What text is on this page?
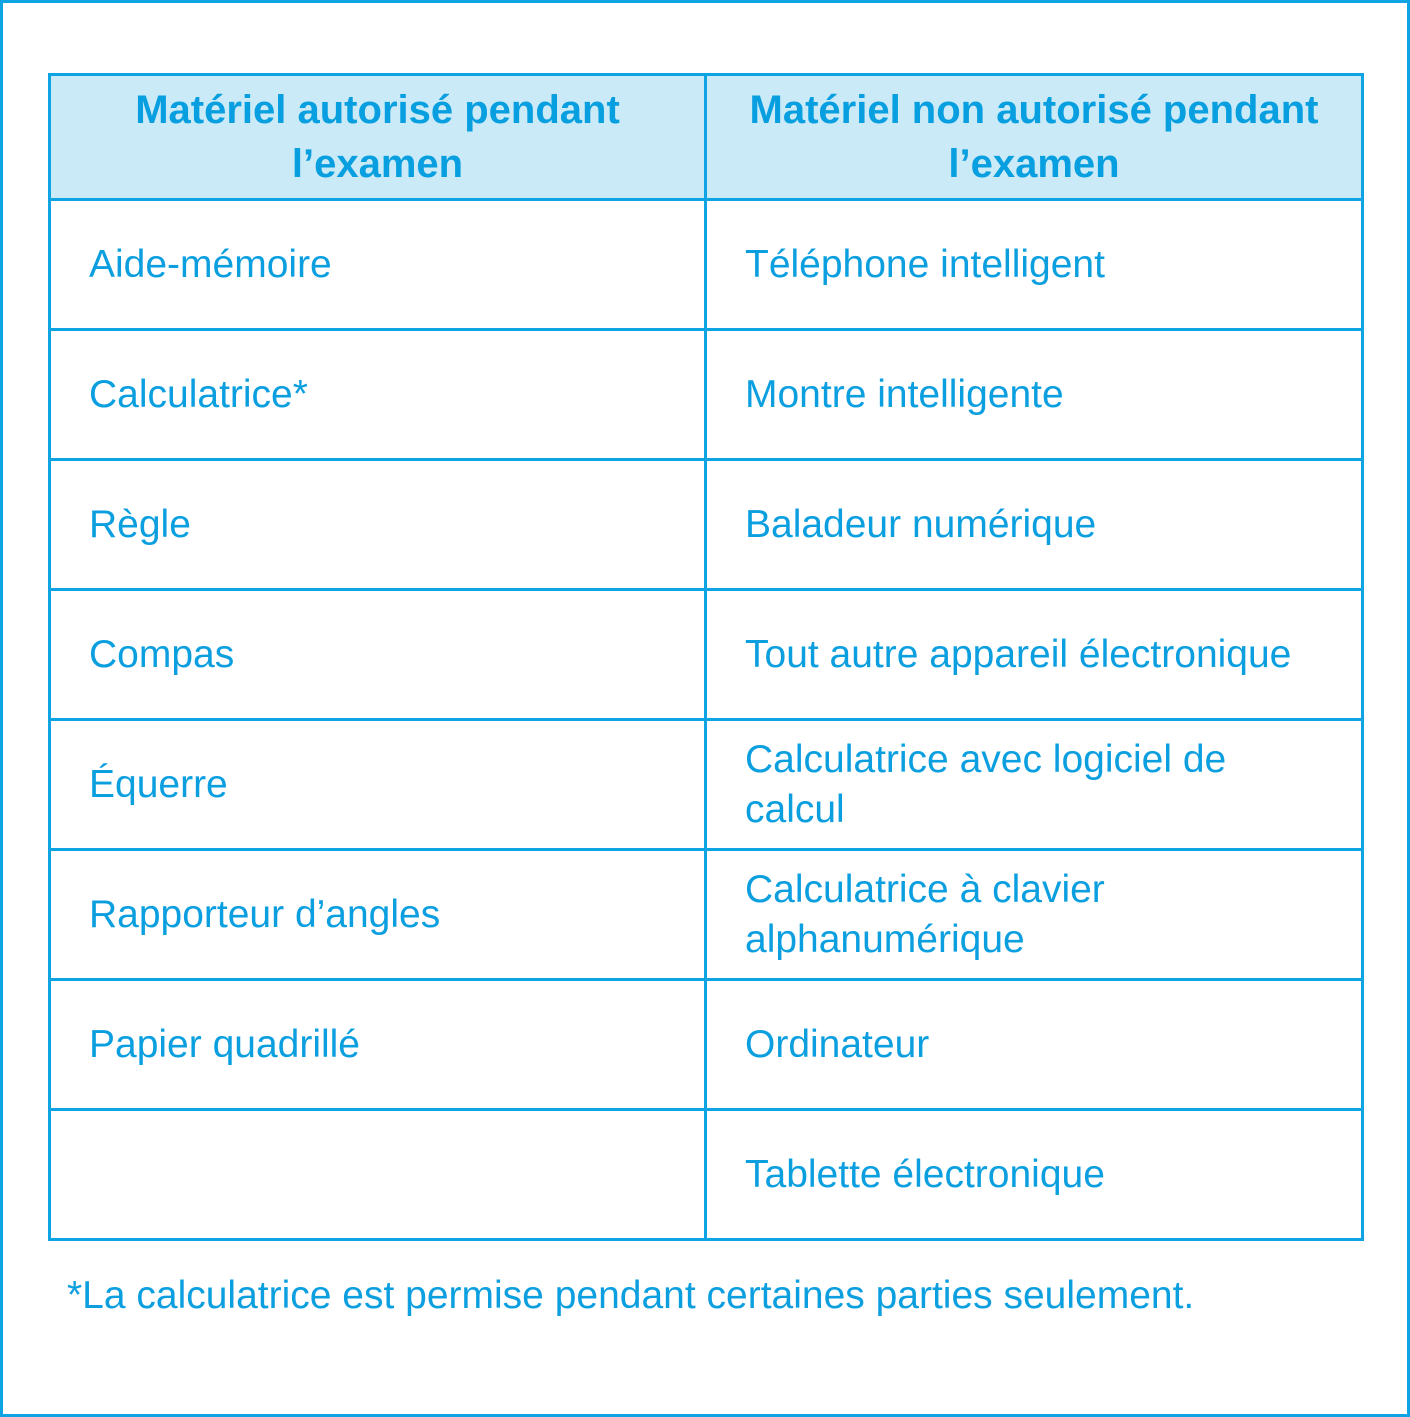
Matériel autorisé pendant l’examen	Matériel non autorisé pendant l’examen
Aide-mémoire	Téléphone intelligent
Calculatrice*	Montre intelligente
Règle	Baladeur numérique
Compas	Tout autre appareil électronique
Équerre	Calculatrice avec logiciel de calcul
Rapporteur d’angles	Calculatrice à clavier alphanumérique
Papier quadrillé	Ordinateur
	Tablette électronique
*La calculatrice est permise pendant certaines parties seulement.
